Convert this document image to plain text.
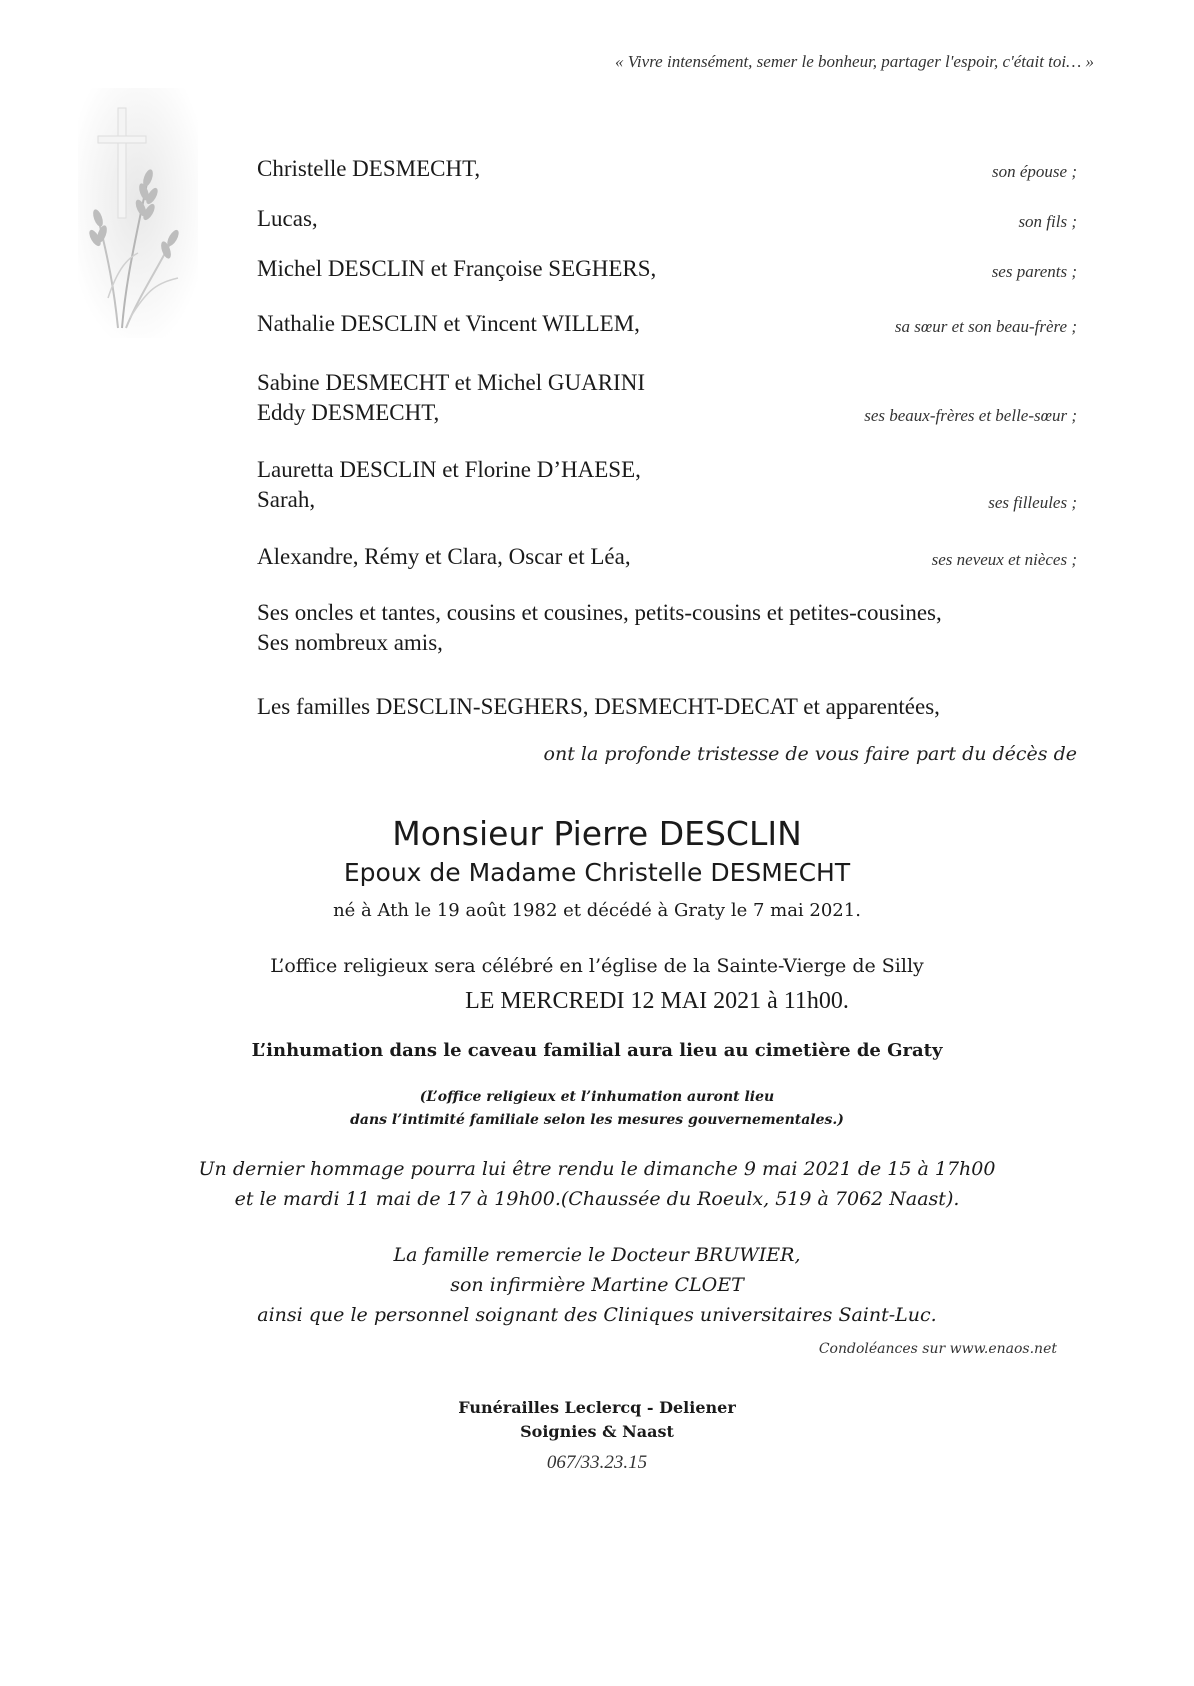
« Vivre intensément, semer le bonheur, partager l'espoir, c'était toi… »
Christelle DESMECHT,	son épouse ;
Lucas,	son fils ;
Michel DESCLIN et Françoise SEGHERS,	ses parents ;
Nathalie DESCLIN et Vincent WILLEM,	sa sœur et son beau-frère ;
Sabine DESMECHT et Michel GUARINI
Eddy DESMECHT,	ses beaux-frères et belle-sœur ;
Lauretta DESCLIN et Florine D’HAESE,
Sarah,	ses filleules ;
Alexandre, Rémy et Clara, Oscar et Léa,	ses neveux et nièces ;
Ses oncles et tantes, cousins et cousines, petits-cousins et petites-cousines,
Ses nombreux amis,
Les familles DESCLIN-SEGHERS, DESMECHT-DECAT et apparentées,
ont la profonde tristesse de vous faire part du décès de
Monsieur Pierre DESCLIN
Epoux de Madame Christelle DESMECHT
né à Ath le 19 août 1982 et décédé à Graty le 7 mai 2021.
L’office religieux sera célébré en l’église de la Sainte-Vierge de Silly
LE MERCREDI 12 MAI 2021 à 11h00.
L’inhumation dans le caveau familial aura lieu au cimetière de Graty
(L’office religieux et l’inhumation auront lieu
dans l’intimité familiale selon les mesures gouvernementales.)
Un dernier hommage pourra lui être rendu le dimanche 9 mai 2021 de 15 à 17h00
et le mardi 11 mai de 17 à 19h00.(Chaussée du Roeulx, 519 à 7062 Naast).
La famille remercie le Docteur BRUWIER,
son infirmière Martine CLOET
ainsi que le personnel soignant des Cliniques universitaires Saint-Luc.
Condoléances sur www.enaos.net
Funérailles Leclercq - Deliener
Soignies & Naast
067/33.23.15
